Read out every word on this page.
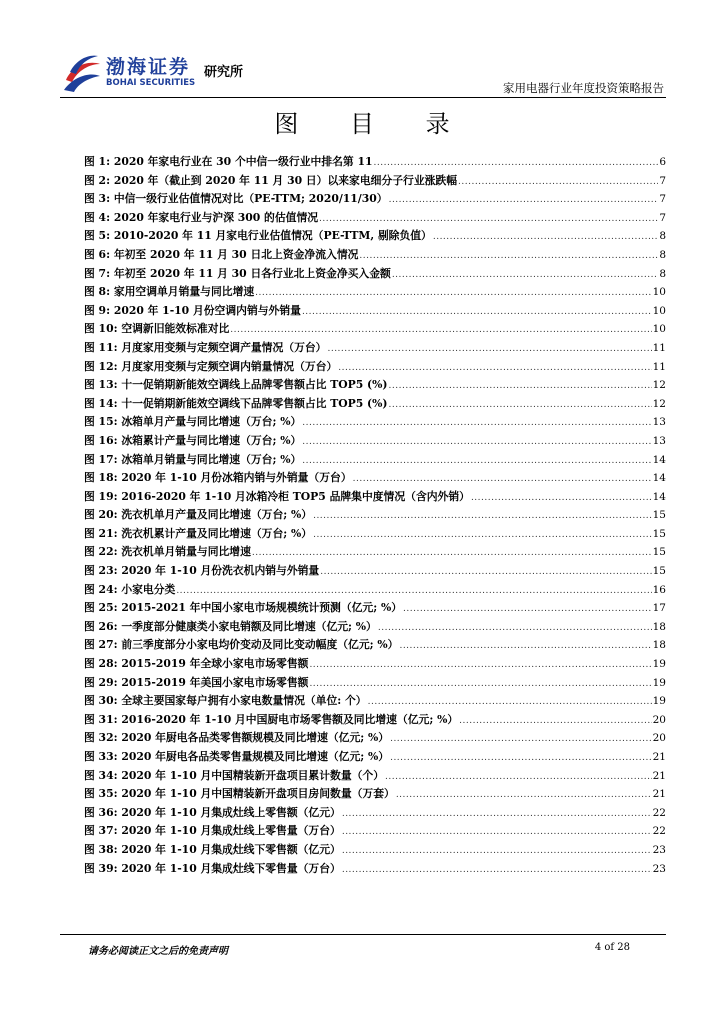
渤海证券
BOHAI SECURITIES
研究所
家用电器行业年度投资策略报告
图 目 录
图 1: 2020 年家电行业在 30 个中信一级行业中排名第 11 .....	6
图 2: 2020 年（截止到 2020 年 11 月 30 日）以来家电细分子行业涨跌幅 .....	7
图 3: 中信一级行业估值情况对比（PE-TTM; 2020/11/30） .....	7
图 4: 2020 年家电行业与沪深 300 的估值情况 .....	7
图 5: 2010-2020 年 11 月家电行业估值情况（PE-TTM, 剔除负值） .....	8
图 6: 年初至 2020 年 11 月 30 日北上资金净流入情况 .....	8
图 7: 年初至 2020 年 11 月 30 日各行业北上资金净买入金额 .....	8
图 8: 家用空调单月销量与同比增速 .....	10
图 9: 2020 年 1-10 月份空调内销与外销量 .....	10
图 10: 空调新旧能效标准对比 .....	10
图 11: 月度家用变频与定频空调产量情况（万台） .....	11
图 12: 月度家用变频与定频空调内销量情况（万台） .....	11
图 13: 十一促销期新能效空调线上品牌零售额占比 TOP5 (%) .....	12
图 14: 十一促销期新能效空调线下品牌零售额占比 TOP5 (%) .....	12
图 15: 冰箱单月产量与同比增速（万台; %） .....	13
图 16: 冰箱累计产量与同比增速（万台; %） .....	13
图 17: 冰箱单月销量与同比增速（万台; %） .....	14
图 18: 2020 年 1-10 月份冰箱内销与外销量（万台） .....	14
图 19: 2016-2020 年 1-10 月冰箱冷柜 TOP5 品牌集中度情况（含内外销） .....	14
图 20: 洗衣机单月产量及同比增速（万台; %） .....	15
图 21: 洗衣机累计产量及同比增速（万台; %） .....	15
图 22: 洗衣机单月销量与同比增速 .....	15
图 23: 2020 年 1-10 月份洗衣机内销与外销量 .....	15
图 24: 小家电分类 .....	16
图 25: 2015-2021 年中国小家电市场规模统计预测（亿元; %） .....	17
图 26: 一季度部分健康类小家电销额及同比增速（亿元; %） .....	18
图 27: 前三季度部分小家电均价变动及同比变动幅度（亿元; %） .....	18
图 28: 2015-2019 年全球小家电市场零售额 .....	19
图 29: 2015-2019 年美国小家电市场零售额 .....	19
图 30: 全球主要国家每户拥有小家电数量情况（单位: 个） .....	19
图 31: 2016-2020 年 1-10 月中国厨电市场零售额及同比增速（亿元; %） .....	20
图 32: 2020 年厨电各品类零售额规模及同比增速（亿元; %） .....	20
图 33: 2020 年厨电各品类零售量规模及同比增速（亿元; %） .....	21
图 34: 2020 年 1-10 月中国精装新开盘项目累计数量（个） .....	21
图 35: 2020 年 1-10 月中国精装新开盘项目房间数量（万套） .....	21
图 36: 2020 年 1-10 月集成灶线上零售额（亿元） .....	22
图 37: 2020 年 1-10 月集成灶线上零售量（万台） .....	22
图 38: 2020 年 1-10 月集成灶线下零售额（亿元） .....	23
图 39: 2020 年 1-10 月集成灶线下零售量（万台） .....	23
请务必阅读正文之后的免责声明	4 of 28
